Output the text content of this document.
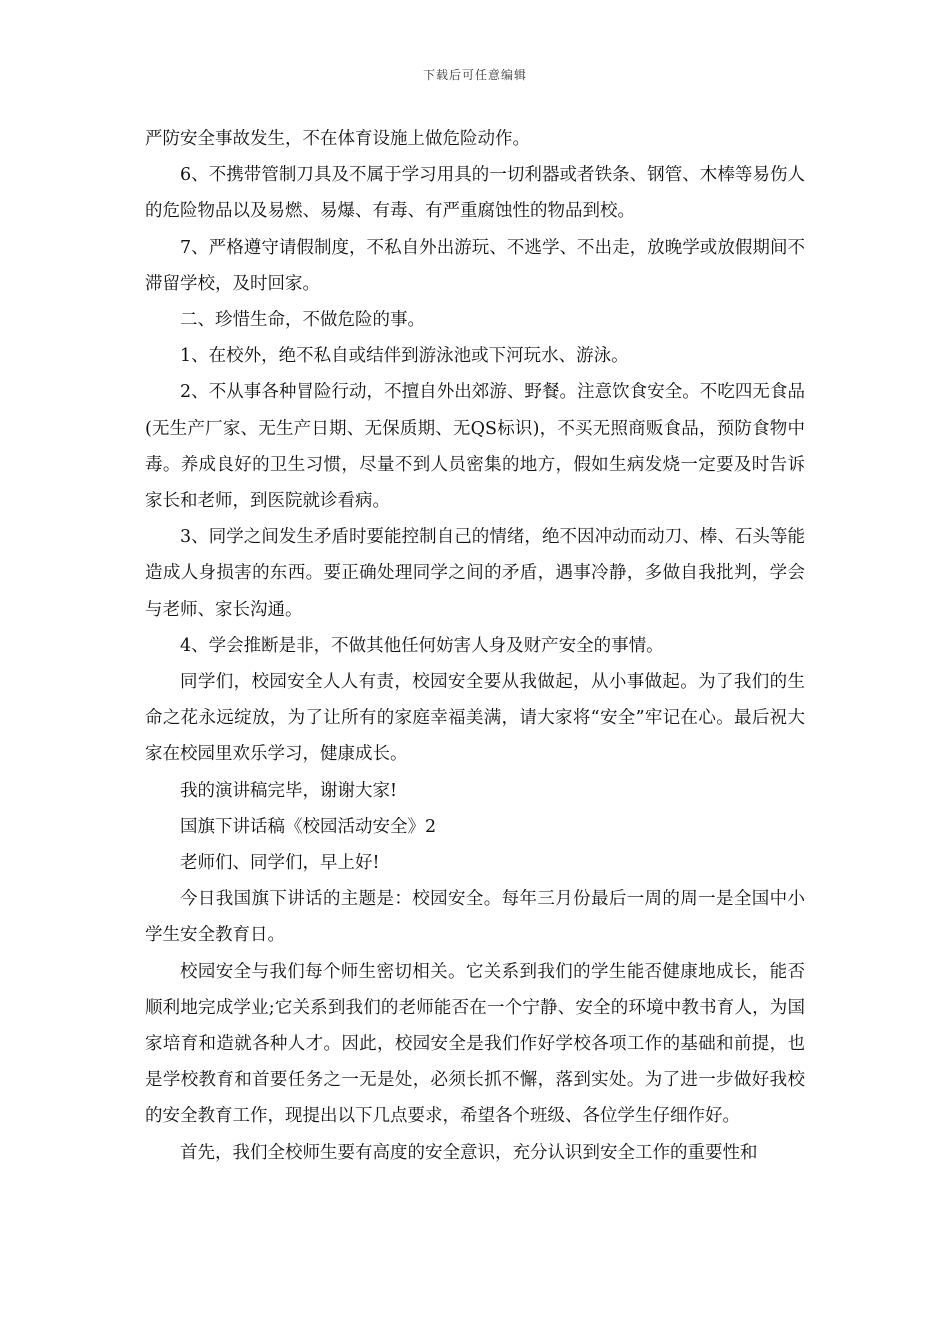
下载后可任意编辑

严防安全事故发生，不在体育设施上做危险动作。

6、不携带管制刀具及不属于学习用具的一切利器或者铁条、钢管、木棒等易伤人的危险物品以及易燃、易爆、有毒、有严重腐蚀性的物品到校。

7、严格遵守请假制度，不私自外出游玩、不逃学、不出走，放晚学或放假期间不滞留学校，及时回家。

二、珍惜生命，不做危险的事。

1、在校外，绝不私自或结伴到游泳池或下河玩水、游泳。

2、不从事各种冒险行动，不擅自外出郊游、野餐。注意饮食安全。不吃四无食品(无生产厂家、无生产日期、无保质期、无QS标识)，不买无照商贩食品，预防食物中毒。养成良好的卫生习惯，尽量不到人员密集的地方，假如生病发烧一定要及时告诉家长和老师，到医院就诊看病。

3、同学之间发生矛盾时要能控制自己的情绪，绝不因冲动而动刀、棒、石头等能造成人身损害的东西。要正确处理同学之间的矛盾，遇事冷静，多做自我批判，学会与老师、家长沟通。

4、学会推断是非，不做其他任何妨害人身及财产安全的事情。

同学们，校园安全人人有责，校园安全要从我做起，从小事做起。为了我们的生命之花永远绽放，为了让所有的家庭幸福美满，请大家将“安全”牢记在心。最后祝大家在校园里欢乐学习，健康成长。

我的演讲稿完毕，谢谢大家!

国旗下讲话稿《校园活动安全》2

老师们、同学们，早上好!

今日我国旗下讲话的主题是：校园安全。每年三月份最后一周的周一是全国中小学生安全教育日。

校园安全与我们每个师生密切相关。它关系到我们的学生能否健康地成长，能否顺利地完成学业;它关系到我们的老师能否在一个宁静、安全的环境中教书育人，为国家培育和造就各种人才。因此，校园安全是我们作好学校各项工作的基础和前提，也是学校教育和首要任务之一无是处，必须长抓不懈，落到实处。为了进一步做好我校的安全教育工作，现提出以下几点要求，希望各个班级、各位学生仔细作好。

首先，我们全校师生要有高度的安全意识，充分认识到安全工作的重要性和
